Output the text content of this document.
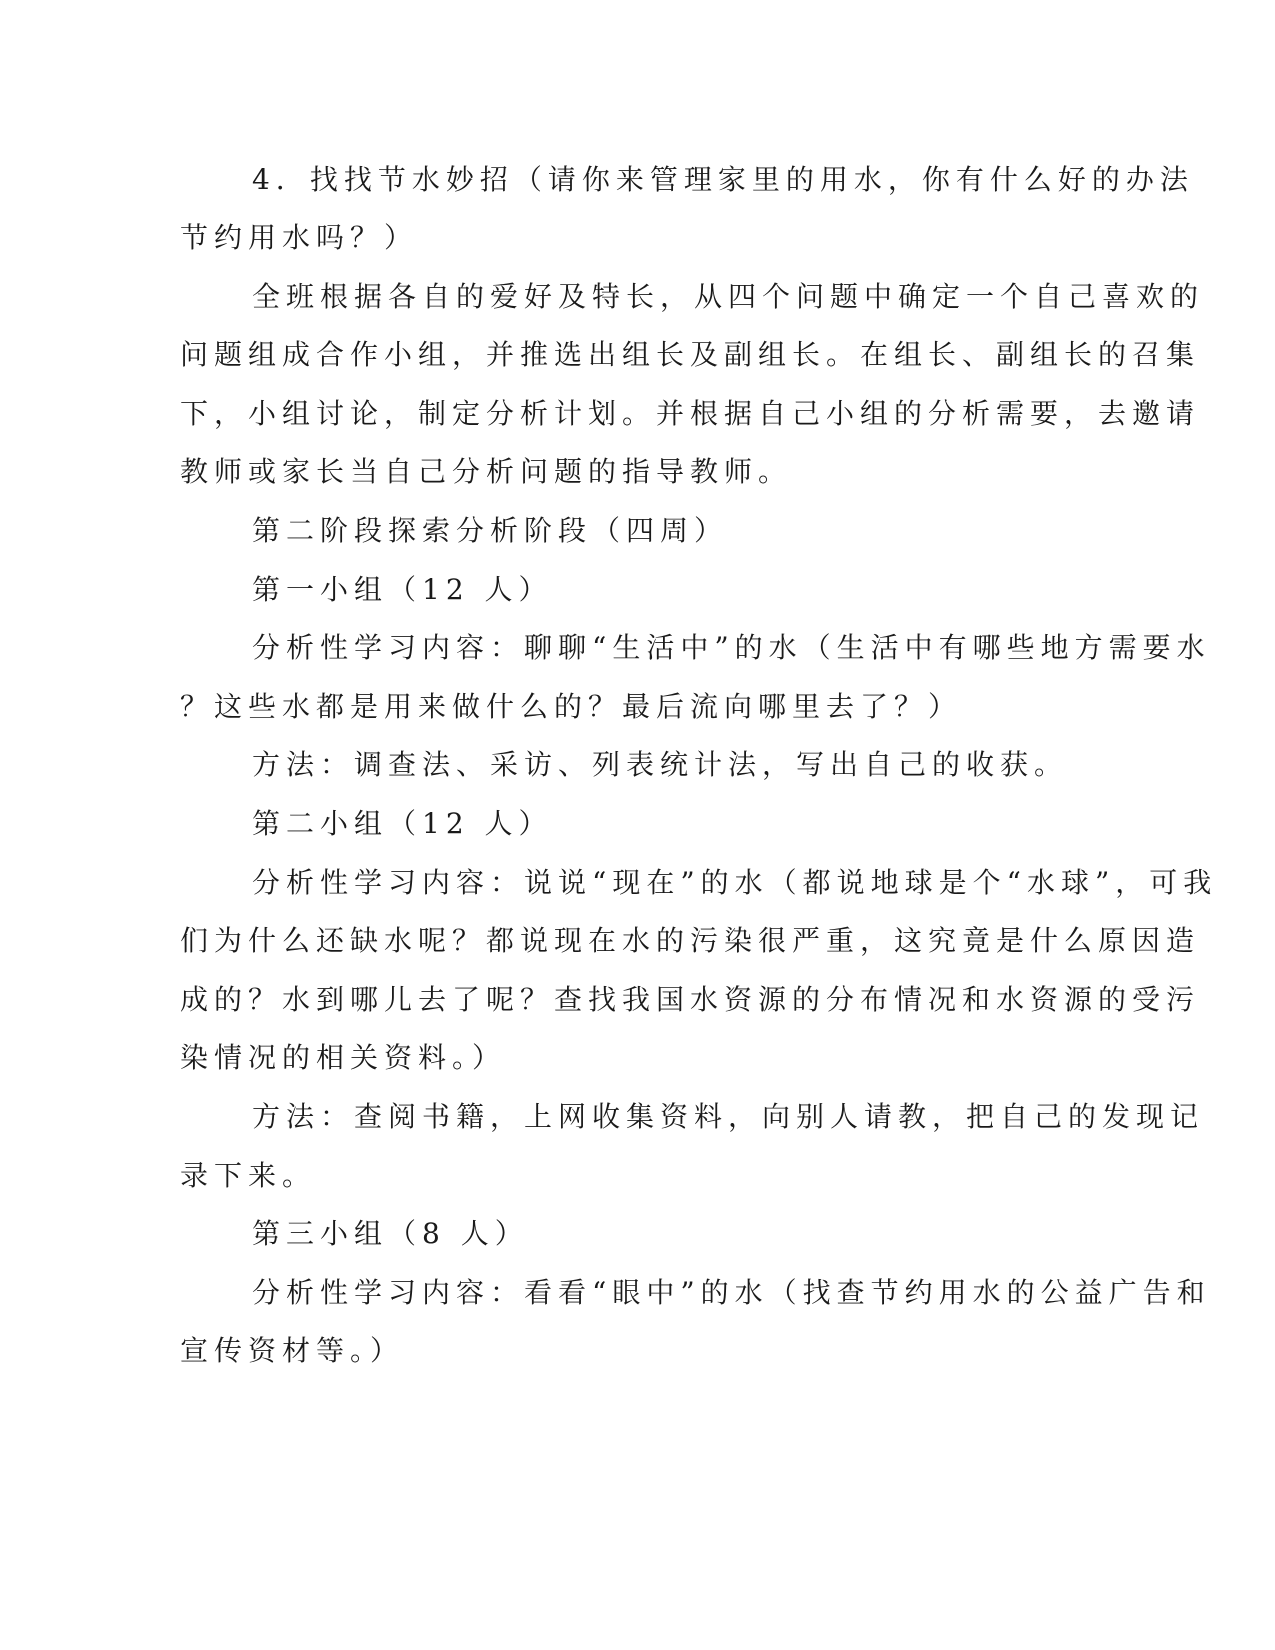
4．找找节水妙招（请你来管理家里的用水，你有什么好的办法
节约用水吗？）
全班根据各自的爱好及特长，从四个问题中确定一个自己喜欢的
问题组成合作小组，并推选出组长及副组长。在组长、副组长的召集
下，小组讨论，制定分析计划。并根据自己小组的分析需要，去邀请
教师或家长当自己分析问题的指导教师。
第二阶段探索分析阶段（四周）
第一小组（12 人）
分析性学习内容：聊聊“生活中”的水（生活中有哪些地方需要水
？这些水都是用来做什么的？最后流向哪里去了？）
方法：调查法、采访、列表统计法，写出自己的收获。
第二小组（12 人）
分析性学习内容：说说“现在”的水（都说地球是个“水球”，可我
们为什么还缺水呢？都说现在水的污染很严重，这究竟是什么原因造
成的？水到哪儿去了呢？查找我国水资源的分布情况和水资源的受污
染情况的相关资料。）
方法：查阅书籍，上网收集资料，向别人请教，把自己的发现记
录下来。
第三小组（8 人）
分析性学习内容：看看“眼中”的水（找查节约用水的公益广告和
宣传资材等。）
